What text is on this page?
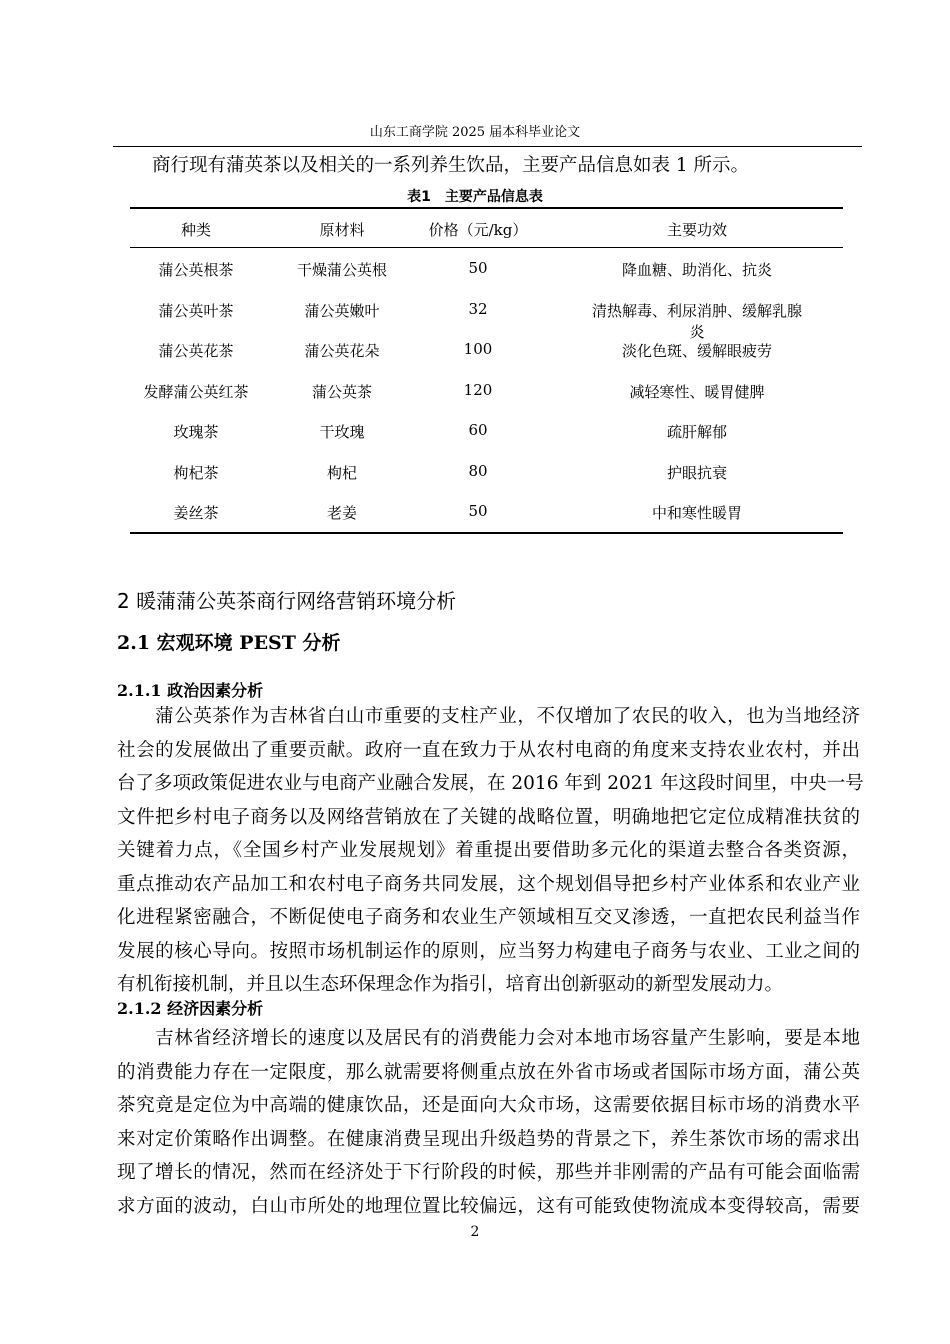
山东工商学院 2025 届本科毕业论文
商行现有蒲英茶以及相关的一系列养生饮品，主要产品信息如表 1 所示。
表1　主要产品信息表
种类	原材料	价格（元/kg）	主要功效
蒲公英根茶	干燥蒲公英根	50	降血糖、助消化、抗炎
蒲公英叶茶	蒲公英嫩叶	32	清热解毒、利尿消肿、缓解乳腺炎
蒲公英花茶	蒲公英花朵	100	淡化色斑、缓解眼疲劳
发酵蒲公英红茶	蒲公英茶	120	减轻寒性、暖胃健脾
玫瑰茶	干玫瑰	60	疏肝解郁
枸杞茶	枸杞	80	护眼抗衰
姜丝茶	老姜	50	中和寒性暖胃
2 暖蒲蒲公英茶商行网络营销环境分析
2.1 宏观环境 PEST 分析
2.1.1 政治因素分析
　　蒲公英茶作为吉林省白山市重要的支柱产业，不仅增加了农民的收入，也为当地经济
社会的发展做出了重要贡献。政府一直在致力于从农村电商的角度来支持农业农村，并出
台了多项政策促进农业与电商产业融合发展，在 2016 年到 2021 年这段时间里，中央一号
文件把乡村电子商务以及网络营销放在了关键的战略位置，明确地把它定位成精准扶贫的
关键着力点，《全国乡村产业发展规划》着重提出要借助多元化的渠道去整合各类资源，
重点推动农产品加工和农村电子商务共同发展，这个规划倡导把乡村产业体系和农业产业
化进程紧密融合，不断促使电子商务和农业生产领域相互交叉渗透，一直把农民利益当作
发展的核心导向。按照市场机制运作的原则，应当努力构建电子商务与农业、工业之间的
有机衔接机制，并且以生态环保理念作为指引，培育出创新驱动的新型发展动力。
2.1.2 经济因素分析
　　吉林省经济增长的速度以及居民有的消费能力会对本地市场容量产生影响，要是本地
的消费能力存在一定限度，那么就需要将侧重点放在外省市场或者国际市场方面，蒲公英
茶究竟是定位为中高端的健康饮品，还是面向大众市场，这需要依据目标市场的消费水平
来对定价策略作出调整。在健康消费呈现出升级趋势的背景之下，养生茶饮市场的需求出
现了增长的情况，然而在经济处于下行阶段的时候，那些并非刚需的产品有可能会面临需
求方面的波动，白山市所处的地理位置比较偏远，这有可能致使物流成本变得较高，需要
2
